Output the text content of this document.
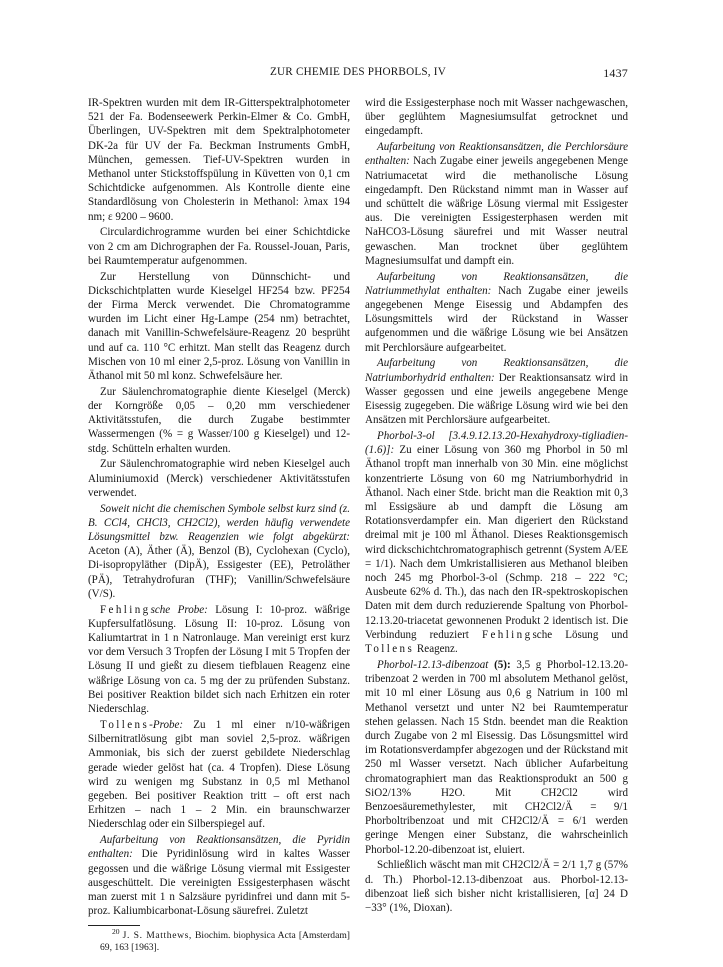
ZUR CHEMIE DES PHORBOLS, IV	1437

IR-Spektren wurden mit dem IR-Gitterspektralphotometer 521 der Fa. Bodenseewerk Perkin-Elmer & Co. GmbH, Überlingen, UV-Spektren mit dem Spektralphotometer DK-2a für UV der Fa. Beckman Instruments GmbH, München, gemessen. Tief-UV-Spektren wurden in Methanol unter Stickstoffspülung in Küvetten von 0,1 cm Schichtdicke aufgenommen. Als Kontrolle diente eine Standardlösung von Cholesterin in Methanol: λmax 194 nm; ε 9200 – 9600.

Circulardichrogramme wurden bei einer Schichtdicke von 2 cm am Dichrographen der Fa. Roussel-Jouan, Paris, bei Raumtemperatur aufgenommen.

Zur Herstellung von Dünnschicht- und Dickschichtplatten wurde Kieselgel HF254 bzw. PF254 der Firma Merck verwendet. Die Chromatogramme wurden im Licht einer Hg-Lampe (254 nm) betrachtet, danach mit Vanillin-Schwefelsäure-Reagenz 20 besprüht und auf ca. 110 °C erhitzt. Man stellt das Reagenz durch Mischen von 10 ml einer 2,5-proz. Lösung von Vanillin in Äthanol mit 50 ml konz. Schwefelsäure her.

Zur Säulenchromatographie diente Kieselgel (Merck) der Korngröße 0,05 – 0,20 mm verschiedener Aktivitätsstufen, die durch Zugabe bestimmter Wassermengen (% = g Wasser/100 g Kieselgel) und 12-stdg. Schütteln erhalten wurden.

Zur Säulenchromatographie wird neben Kieselgel auch Aluminiumoxid (Merck) verschiedener Aktivitätsstufen verwendet.

Soweit nicht die chemischen Symbole selbst kurz sind (z. B. CCl4, CHCl3, CH2Cl2), werden häufig verwendete Lösungsmittel bzw. Reagenzien wie folgt abgekürzt: Aceton (A), Äther (Ä), Benzol (B), Cyclohexan (Cyclo), Di-isopropyläther (DipÄ), Essigester (EE), Petroläther (PÄ), Tetrahydrofuran (THF); Vanillin/Schwefelsäure (V/S).

Fehlingsche Probe: Lösung I: 10-proz. wäßrige Kupfersulfatlösung. Lösung II: 10-proz. Lösung von Kaliumtartrat in 1 n Natronlauge. Man vereinigt erst kurz vor dem Versuch 3 Tropfen der Lösung I mit 5 Tropfen der Lösung II und gießt zu diesem tiefblauen Reagenz eine wäßrige Lösung von ca. 5 mg der zu prüfenden Substanz. Bei positiver Reaktion bildet sich nach Erhitzen ein roter Niederschlag.

Tollens-Probe: Zu 1 ml einer n/10-wäßrigen Silbernitratlösung gibt man soviel 2,5-proz. wäßrigen Ammoniak, bis sich der zuerst gebildete Niederschlag gerade wieder gelöst hat (ca. 4 Tropfen). Diese Lösung wird zu wenigen mg Substanz in 0,5 ml Methanol gegeben. Bei positiver Reaktion tritt – oft erst nach Erhitzen – nach 1 – 2 Min. ein braunschwarzer Niederschlag oder ein Silberspiegel auf.

Aufarbeitung von Reaktionsansätzen, die Pyridin enthalten: Die Pyridinlösung wird in kaltes Wasser gegossen und die wäßrige Lösung viermal mit Essigester ausgeschüttelt. Die vereinigten Essigesterphasen wäscht man zuerst mit 1 n Salzsäure pyridinfrei und dann mit 5-proz. Kaliumbicarbonat-Lösung säurefrei. Zuletzt

$^{20}$ J. S. Matthews, Biochim. biophysica Acta [Amsterdam] 69, 163 [1963].

wird die Essigesterphase noch mit Wasser nachgewaschen, über geglühtem Magnesiumsulfat getrocknet und eingedampft.

Aufarbeitung von Reaktionsansätzen, die Perchlorsäure enthalten: Nach Zugabe einer jeweils angegebenen Menge Natriumacetat wird die methanolische Lösung eingedampft. Den Rückstand nimmt man in Wasser auf und schüttelt die wäßrige Lösung viermal mit Essigester aus. Die vereinigten Essigesterphasen werden mit NaHCO3-Lösung säurefrei und mit Wasser neutral gewaschen. Man trocknet über geglühtem Magnesiumsulfat und dampft ein.

Aufarbeitung von Reaktionsansätzen, die Natriummethylat enthalten: Nach Zugabe einer jeweils angegebenen Menge Eisessig und Abdampfen des Lösungsmittels wird der Rückstand in Wasser aufgenommen und die wäßrige Lösung wie bei Ansätzen mit Perchlorsäure aufgearbeitet.

Aufarbeitung von Reaktionsansätzen, die Natriumborhydrid enthalten: Der Reaktionsansatz wird in Wasser gegossen und eine jeweils angegebene Menge Eisessig zugegeben. Die wäßrige Lösung wird wie bei den Ansätzen mit Perchlorsäure aufgearbeitet.

Phorbol-3-ol [3.4.9.12.13.20-Hexahydroxy-tigliadien-(1.6)]: Zu einer Lösung von 360 mg Phorbol in 50 ml Äthanol tropft man innerhalb von 30 Min. eine möglichst konzentrierte Lösung von 60 mg Natriumborhydrid in Äthanol. Nach einer Stde. bricht man die Reaktion mit 0,3 ml Essigsäure ab und dampft die Lösung am Rotationsverdampfer ein. Man digeriert den Rückstand dreimal mit je 100 ml Äthanol. Dieses Reaktionsgemisch wird dickschichtchromatographisch getrennt (System A/EE = 1/1). Nach dem Umkristallisieren aus Methanol bleiben noch 245 mg Phorbol-3-ol (Schmp. 218 – 222 °C; Ausbeute 62% d. Th.), das nach den IR-spektroskopischen Daten mit dem durch reduzierende Spaltung von Phorbol-12.13.20-triacetat gewonnenen Produkt 2 identisch ist. Die Verbindung reduziert Fehlingsche Lösung und Tollens Reagenz.

Phorbol-12.13-dibenzoat (5): 3,5 g Phorbol-12.13.20-tribenzoat 2 werden in 700 ml absolutem Methanol gelöst, mit 10 ml einer Lösung aus 0,6 g Natrium in 100 ml Methanol versetzt und unter N2 bei Raumtemperatur stehen gelassen. Nach 15 Stdn. beendet man die Reaktion durch Zugabe von 2 ml Eisessig. Das Lösungsmittel wird im Rotationsverdampfer abgezogen und der Rückstand mit 250 ml Wasser versetzt. Nach üblicher Aufarbeitung chromatographiert man das Reaktionsprodukt an 500 g SiO2/13% H2O. Mit CH2Cl2 wird Benzoesäuremethylester, mit CH2Cl2/Ä = 9/1 Phorboltribenzoat und mit CH2Cl2/Ä = 6/1 werden geringe Mengen einer Substanz, die wahrscheinlich Phorbol-12.20-dibenzoat ist, eluiert.

Schließlich wäscht man mit CH2Cl2/Ä = 2/1 1,7 g (57% d. Th.) Phorbol-12.13-dibenzoat aus. Phorbol-12.13-dibenzoat ließ sich bisher nicht kristallisieren, [α] 24 D −33° (1%, Dioxan).
